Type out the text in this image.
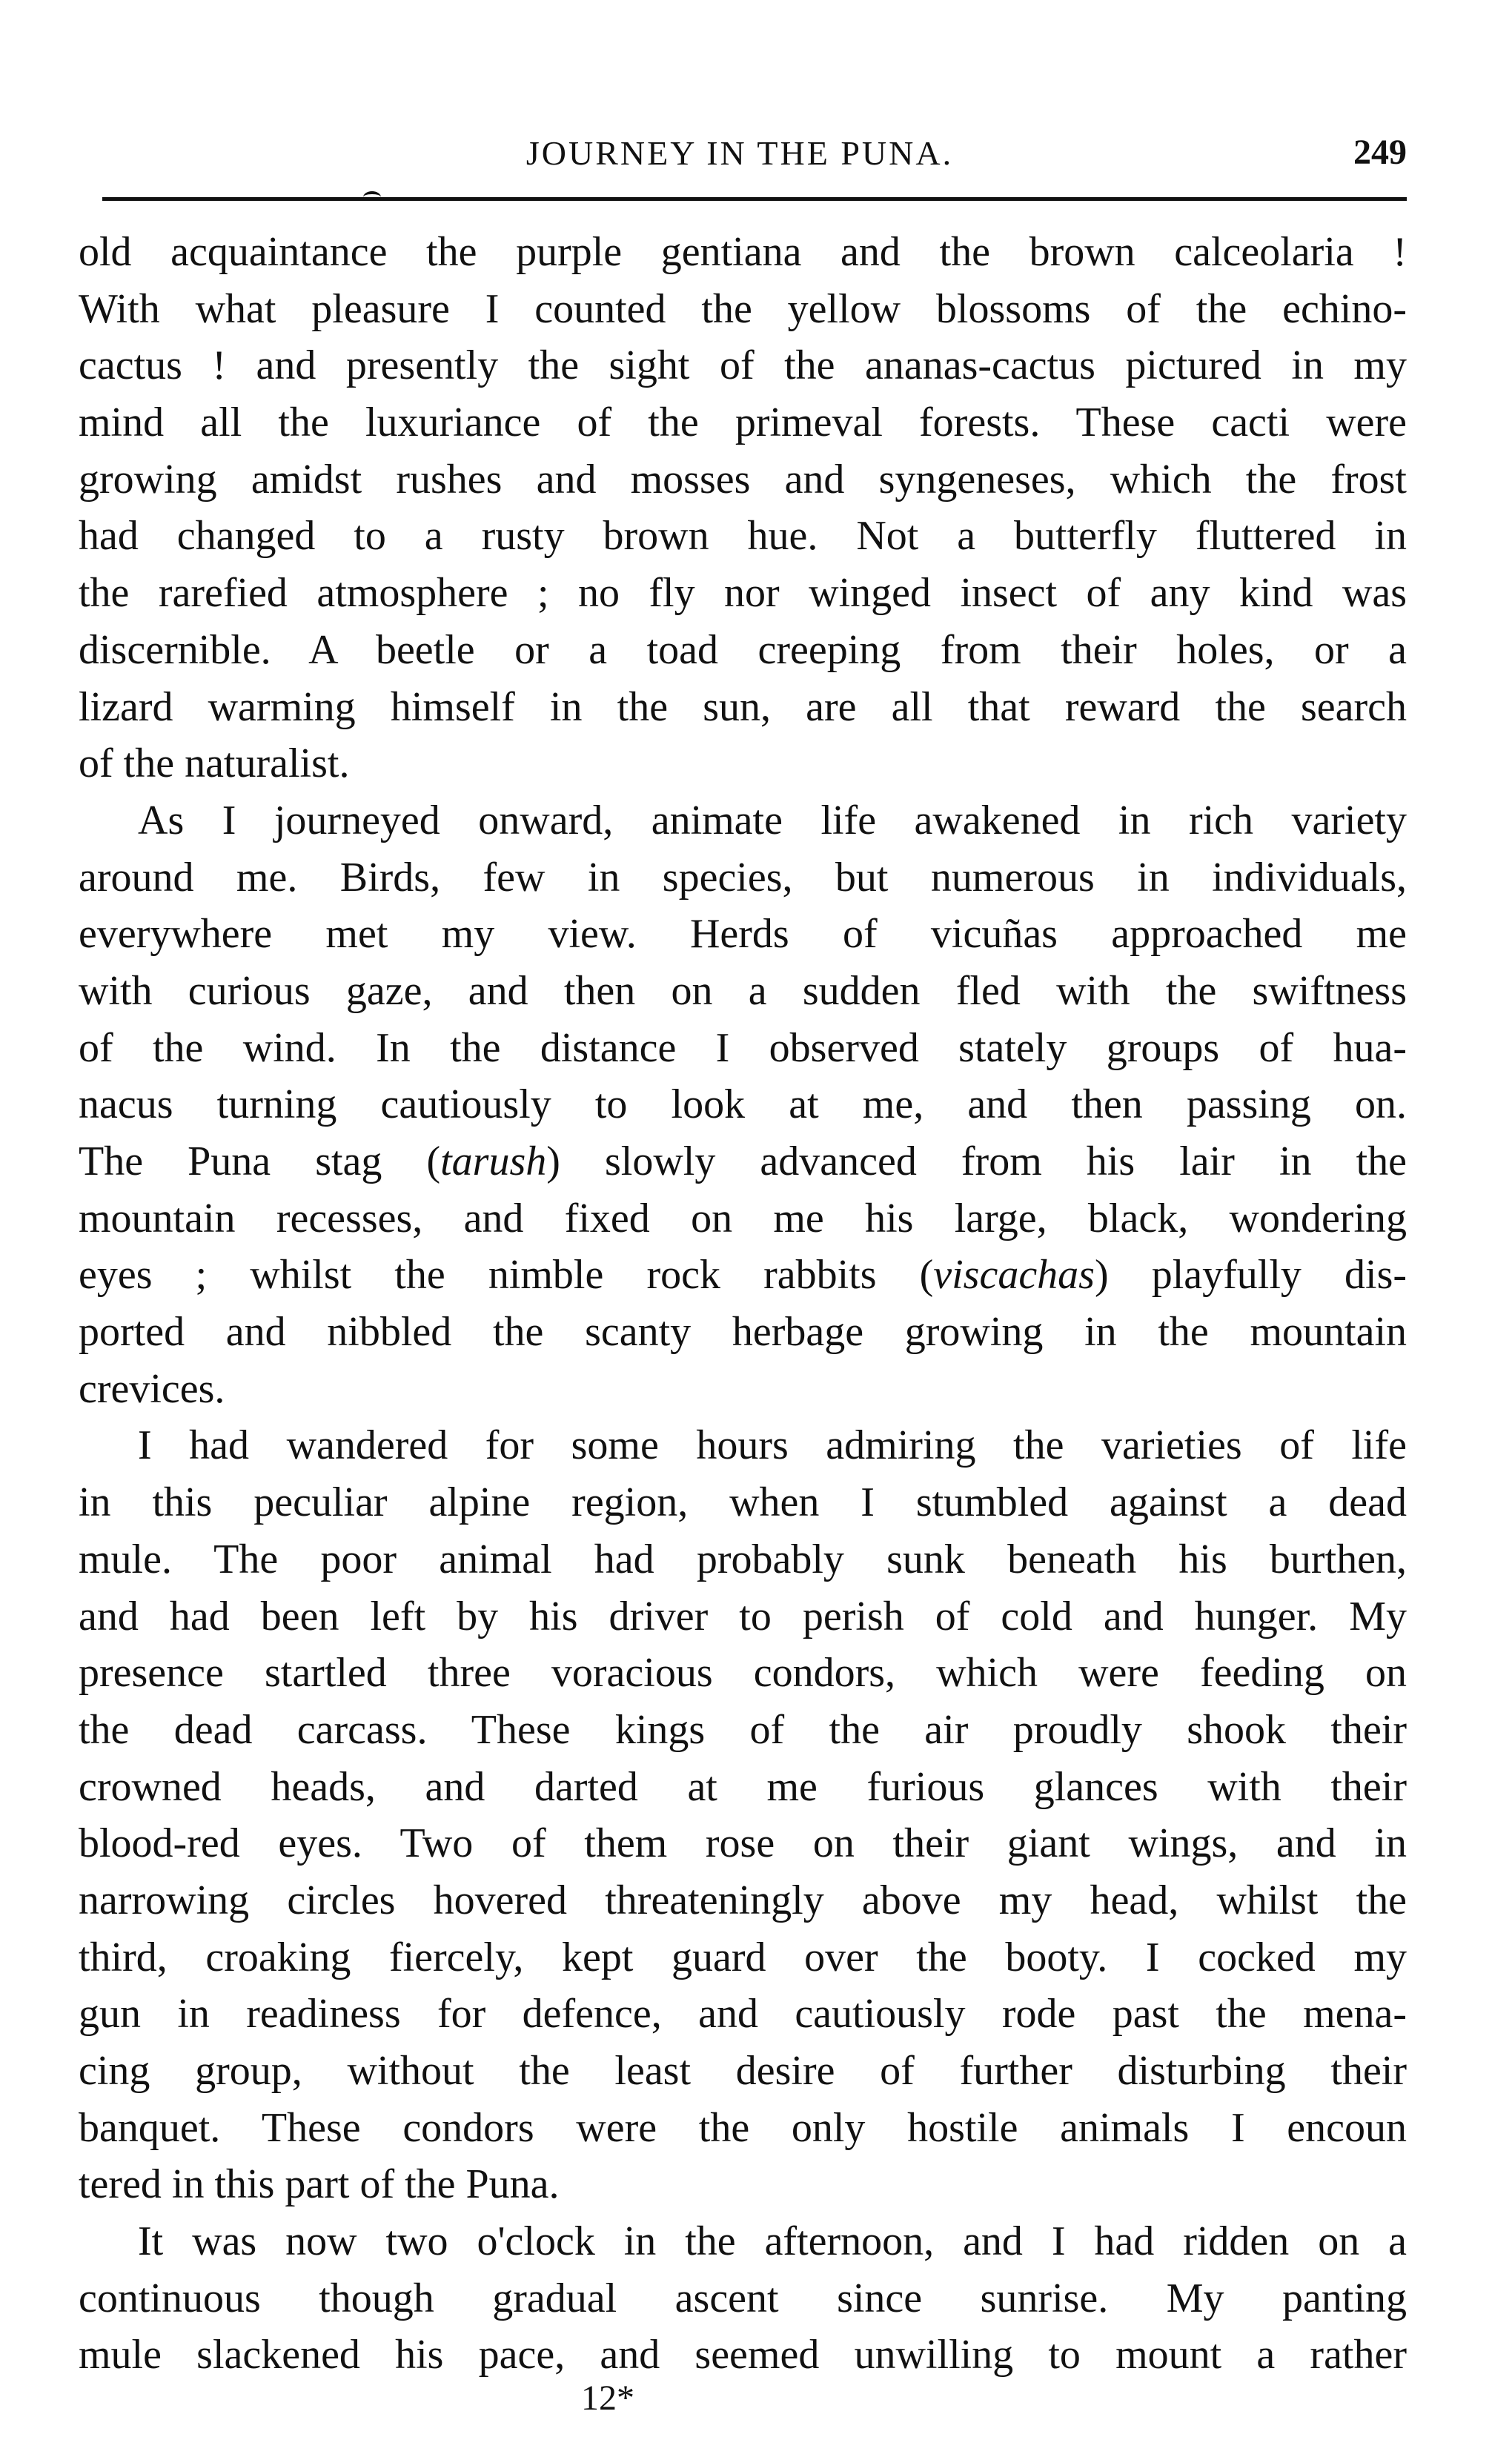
JOURNEY IN THE PUNA.	249
old acquaintance the purple gentiana and the brown calceolaria !
With what pleasure I counted the yellow blossoms of the echino-
cactus ! and presently the sight of the ananas-cactus pictured in my
mind all the luxuriance of the primeval forests. These cacti were
growing amidst rushes and mosses and syngeneses, which the frost
had changed to a rusty brown hue. Not a butterfly fluttered in
the rarefied atmosphere ; no fly nor winged insect of any kind was
discernible. A beetle or a toad creeping from their holes, or a
lizard warming himself in the sun, are all that reward the search
of the naturalist.
As I journeyed onward, animate life awakened in rich variety
around me. Birds, few in species, but numerous in individuals,
everywhere met my view. Herds of vicuñas approached me
with curious gaze, and then on a sudden fled with the swiftness
of the wind. In the distance I observed stately groups of hua-
nacus turning cautiously to look at me, and then passing on.
The Puna stag (tarush) slowly advanced from his lair in the
mountain recesses, and fixed on me his large, black, wondering
eyes ; whilst the nimble rock rabbits (viscachas) playfully dis-
ported and nibbled the scanty herbage growing in the mountain
crevices.
I had wandered for some hours admiring the varieties of life
in this peculiar alpine region, when I stumbled against a dead
mule. The poor animal had probably sunk beneath his burthen,
and had been left by his driver to perish of cold and hunger. My
presence startled three voracious condors, which were feeding on
the dead carcass. These kings of the air proudly shook their
crowned heads, and darted at me furious glances with their
blood-red eyes. Two of them rose on their giant wings, and in
narrowing circles hovered threateningly above my head, whilst the
third, croaking fiercely, kept guard over the booty. I cocked my
gun in readiness for defence, and cautiously rode past the mena-
cing group, without the least desire of further disturbing their
banquet. These condors were the only hostile animals I encoun
tered in this part of the Puna.
It was now two o'clock in the afternoon, and I had ridden on a
continuous though gradual ascent since sunrise. My panting
mule slackened his pace, and seemed unwilling to mount a rather
12*
